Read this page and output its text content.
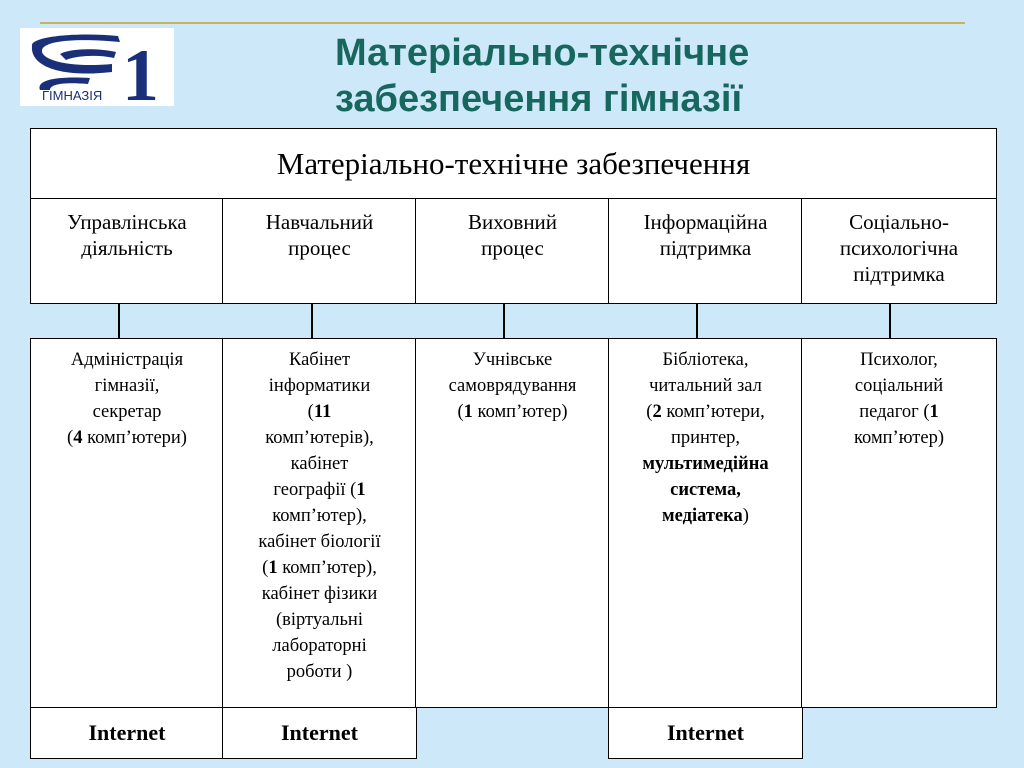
1
ГІМНАЗІЯ
Матеріально-технічне
забезпечення гімназії
Матеріально-технічне забезпечення
Управлінська
діяльність
Навчальний
процес
Виховний
процес
Інформаційна
підтримка
Соціально-
психологічна
підтримка
Адміністрація
гімназії,
секретар
(4 комп’ютери)
Кабінет
інформатики
(11
комп’ютерів),
кабінет
географії (1
комп’ютер),
кабінет біології
(1 комп’ютер),
кабінет фізики
(віртуальні
лабораторні
роботи )
Учнівське
самоврядування
(1 комп’ютер)
Бібліотека,
читальний зал
(2 комп’ютери,
принтер,
мультимедійна
система,
медіатека)
Психолог,
соціальний
педагог (1
комп’ютер)
Internet	Internet	Internet
